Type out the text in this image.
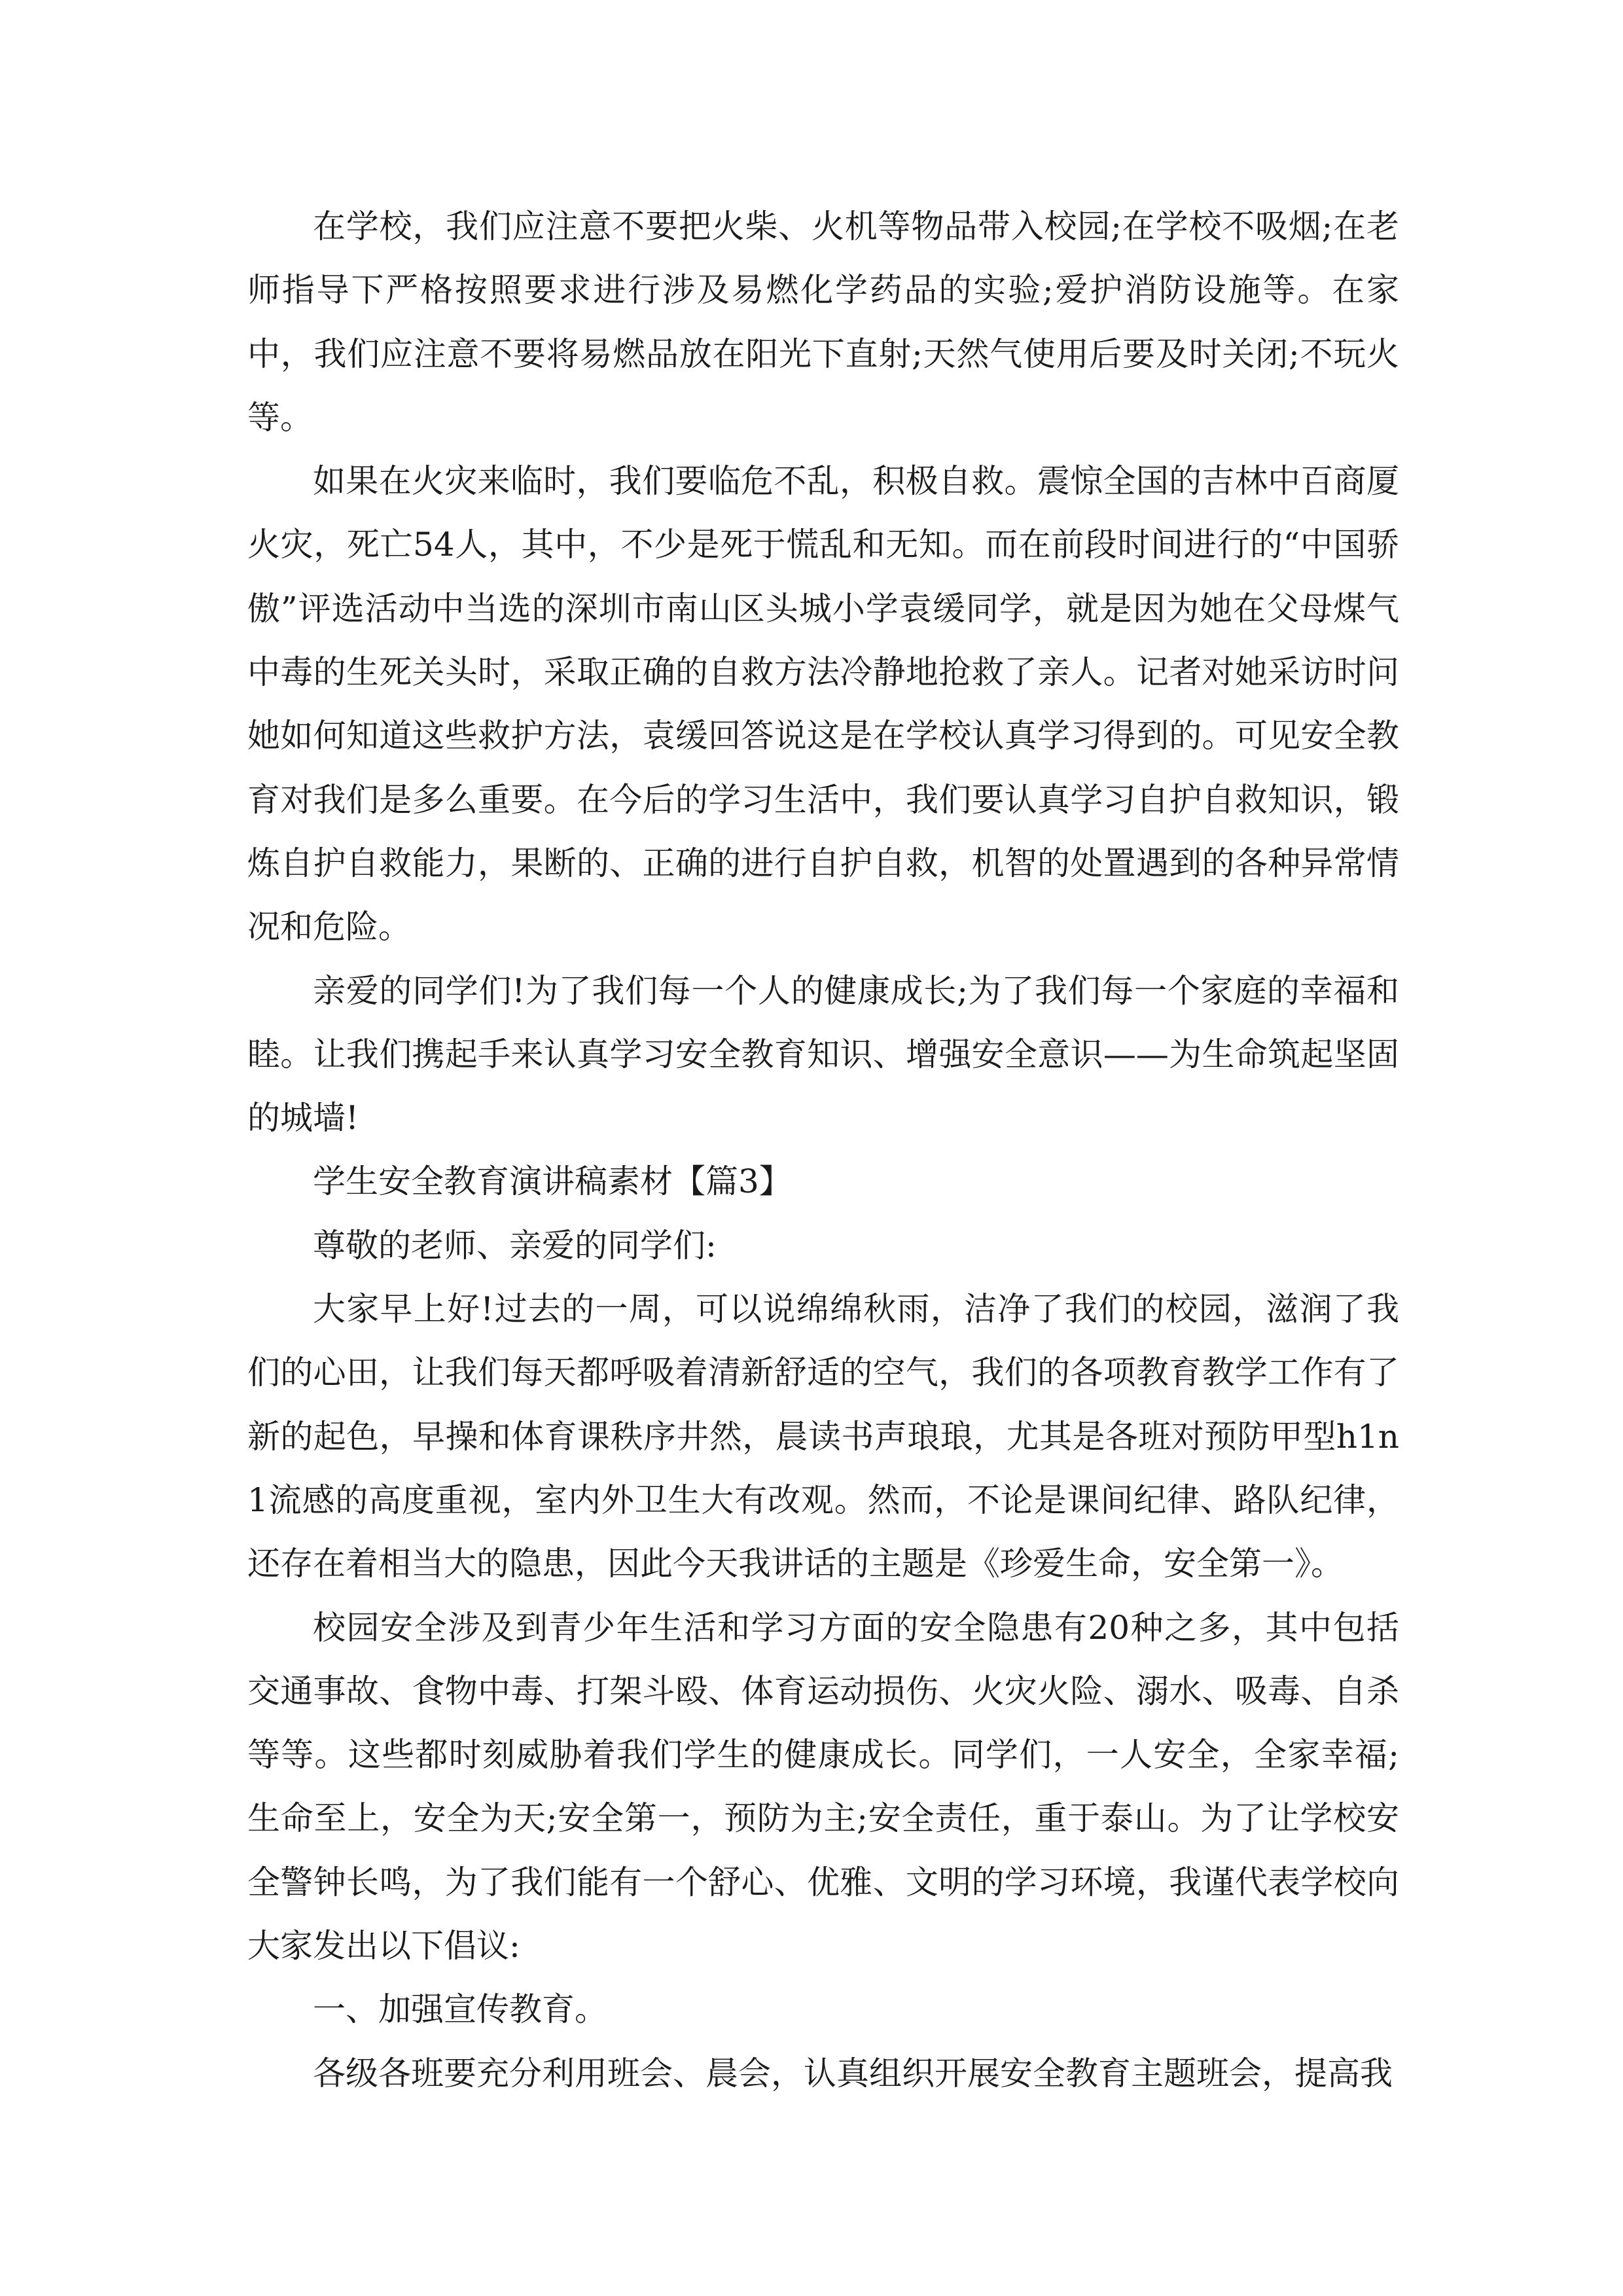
在学校，我们应注意不要把火柴、火机等物品带入校园;在学校不吸烟;在老师指导下严格按照要求进行涉及易燃化学药品的实验;爱护消防设施等。在家中，我们应注意不要将易燃品放在阳光下直射;天然气使用后要及时关闭;不玩火等。

如果在火灾来临时，我们要临危不乱，积极自救。震惊全国的吉林中百商厦火灾，死亡54人，其中，不少是死于慌乱和无知。而在前段时间进行的“中国骄傲”评选活动中当选的深圳市南山区头城小学袁缓同学，就是因为她在父母煤气中毒的生死关头时，采取正确的自救方法冷静地抢救了亲人。记者对她采访时问她如何知道这些救护方法，袁缓回答说这是在学校认真学习得到的。可见安全教育对我们是多么重要。在今后的学习生活中，我们要认真学习自护自救知识，锻炼自护自救能力，果断的、正确的进行自护自救，机智的处置遇到的各种异常情况和危险。

亲爱的同学们!为了我们每一个人的健康成长;为了我们每一个家庭的幸福和睦。让我们携起手来认真学习安全教育知识、增强安全意识——为生命筑起坚固的城墙!

学生安全教育演讲稿素材【篇3】

尊敬的老师、亲爱的同学们:

大家早上好!过去的一周，可以说绵绵秋雨，洁净了我们的校园，滋润了我们的心田，让我们每天都呼吸着清新舒适的空气，我们的各项教育教学工作有了新的起色，早操和体育课秩序井然，晨读书声琅琅，尤其是各班对预防甲型h1n1流感的高度重视，室内外卫生大有改观。然而，不论是课间纪律、路队纪律，还存在着相当大的隐患，因此今天我讲话的主题是《珍爱生命，安全第一》。

校园安全涉及到青少年生活和学习方面的安全隐患有20种之多，其中包括交通事故、食物中毒、打架斗殴、体育运动损伤、火灾火险、溺水、吸毒、自杀等等。这些都时刻威胁着我们学生的健康成长。同学们，一人安全，全家幸福;生命至上，安全为天;安全第一，预防为主;安全责任，重于泰山。为了让学校安全警钟长鸣，为了我们能有一个舒心、优雅、文明的学习环境，我谨代表学校向大家发出以下倡议:

一、加强宣传教育。

各级各班要充分利用班会、晨会，认真组织开展安全教育主题班会，提高我
